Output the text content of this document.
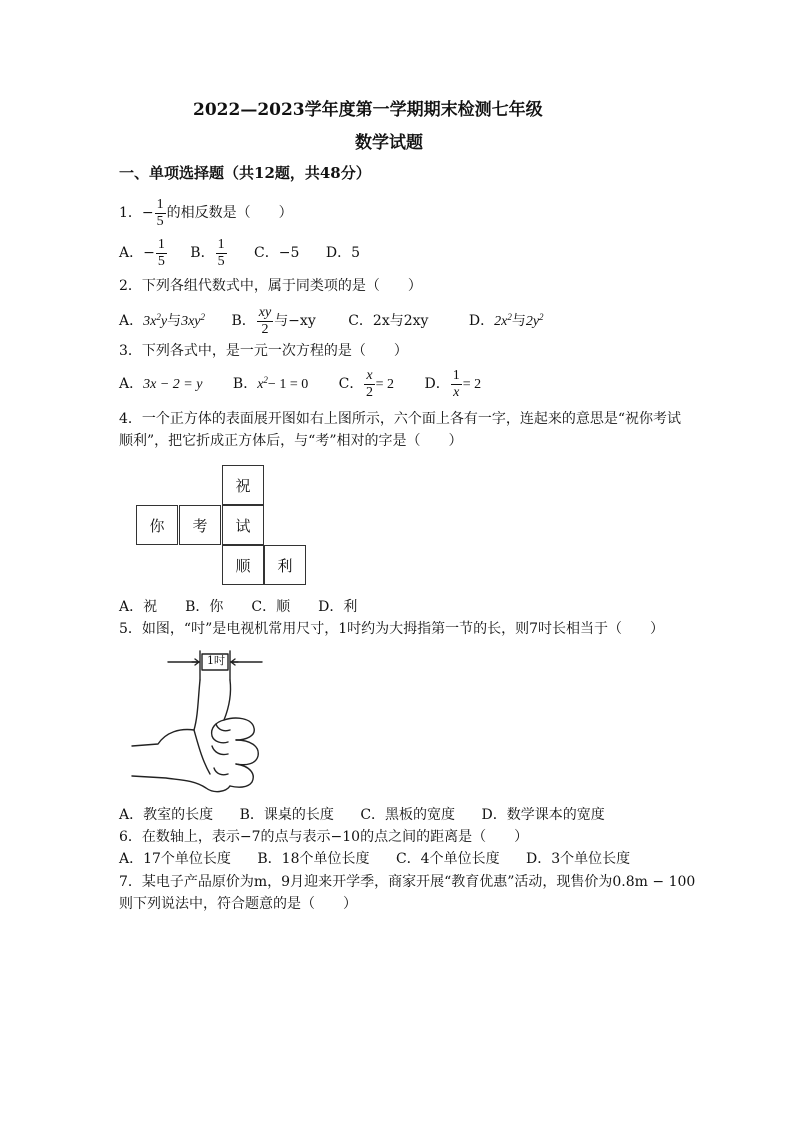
2022—2023学年度第一学期期末检测七年级
数学试题
一、单项选择题（共12题，共48分）
1．− $\frac{1}{5}$ 的相反数是（　　）
A．− $\frac{1}{5}$ B． $\frac{1}{5}$ C．−5 D．5
2．下列各组代数式中，属于同类项的是（　　）
A．$3x^2y$与$3xy^2$ B． $\frac{xy}{2}$ 与−xy C．2x与2xy	D．$2x^2$与$2y^2$
3．下列各式中，是一元一次方程的是（　　）
A．3x − 2 = y B．$x^2- 1 = 0$ C． $\frac{x}{2} = 2$ D． $\frac{1}{x} = 2$
4．一个正方体的表面展开图如右上图所示，六个面上各有一字，连起来的意思是“祝你考试
顺利”，把它折成正方体后，与“考”相对的字是（　　）
祝
你	考	试
顺	利
A．祝　　B．你　　C．顺　　D．利
5．如图，“吋”是电视机常用尺寸，1吋约为大拇指第一节的长，则7吋长相当于（　　）
1吋
A．教室的长度 B．课桌的长度 C．黑板的宽度 D．数学课本的宽度
6．在数轴上，表示−7的点与表示−10的点之间的距离是（　　）
A．17个单位长度 B．18个单位长度 C．4个单位长度 D．3个单位长度
7．某电子产品原价为m，9月迎来开学季，商家开展“教育优惠”活动，现售价为0.8m − 100
则下列说法中，符合题意的是（　　）
